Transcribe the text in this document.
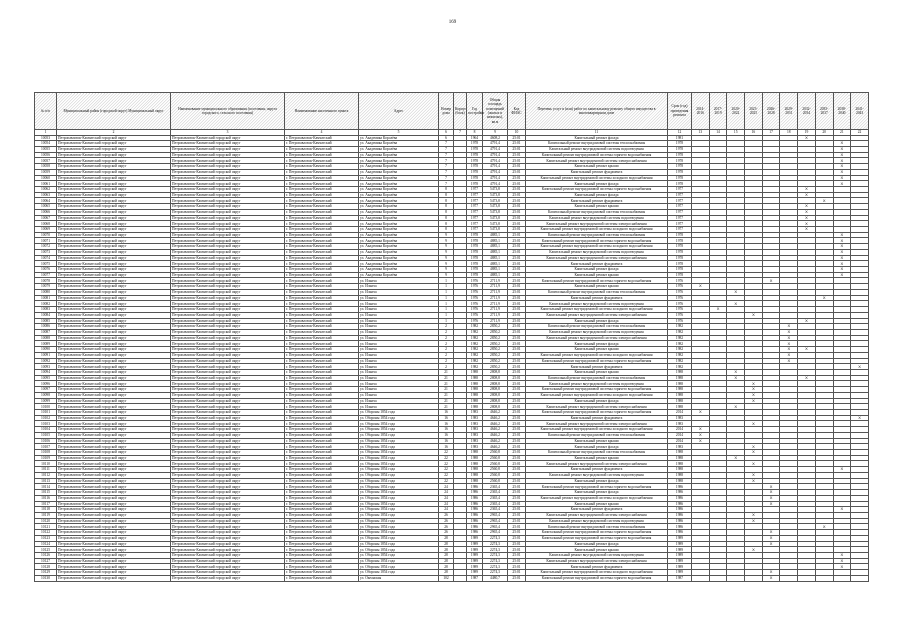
169
№ п/п	Муниципальный район (городской округ) Муниципальный округ	Наименование муниципального образования (поселения, округа городского, сельского поселения)	Наименование населенного пункта	Адрес	Номер дома	Корпус (блок)	Год постройки	Общая площадь помещений (жилых и нежилых), кв.м	Код ФИАС	Перечень услуг и (или) работ по капитальному ремонту общего имущества в многоквартирном доме	Срок (год) проведения ремонта	2014-2016	2017-2019	2020-2022	2023-2025	2026-2028	2029-2031	2032-2034	2035-2037	2038-2040	2041-2043
1	2	3	4	5	6	7	8	9	10	11	12	13	14	15	16	17	18	19	20	21	22
10053	Петропавловск-Камчатский городской округ	Петропавловск-Камчатский городской округ	г. Петропавловск-Камчатский	ул. Академика Королёва	6		1964	4608,2	25:01	Капитальный ремонт фасада	1981							X			
10054	Петропавловск-Камчатский городской округ	Петропавловск-Камчатский городской округ	г. Петропавловск-Камчатский	ул. Академика Королёва	7		1978	4791,4	25:01	Капитальный ремонт внутридомовой системы теплоснабжения	1978									X	
10055	Петропавловск-Камчатский городской округ	Петропавловск-Камчатский городской округ	г. Петропавловск-Камчатский	ул. Академика Королёва	7		1978	4791,4	25:01	Капитальный ремонт внутридомовой системы водоотведения	1978									X	
10056	Петропавловск-Камчатский городской округ	Петропавловск-Камчатский городской округ	г. Петропавловск-Камчатский	ул. Академика Королёва	7		1978	4791,4	25:01	Капитальный ремонт внутридомовой системы горячего водоснабжения	1978									X	
10057	Петропавловск-Камчатский городской округ	Петропавловск-Камчатский городской округ	г. Петропавловск-Камчатский	ул. Академика Королёва	7		1978	4791,4	25:01	Капитальный ремонт внутридомовой системы электроснабжения	1978									X	
10058	Петропавловск-Камчатский городской округ	Петропавловск-Камчатский городской округ	г. Петропавловск-Камчатский	ул. Академика Королёва	7		1978	4791,4	25:01	Капитальный ремонт крыши	1978									X	
10059	Петропавловск-Камчатский городской округ	Петропавловск-Камчатский городской округ	г. Петропавловск-Камчатский	ул. Академика Королёва	7		1978	4791,4	25:01	Капитальный ремонт фундамента	1978									X	
10060	Петропавловск-Камчатский городской округ	Петропавловск-Камчатский городской округ	г. Петропавловск-Камчатский	ул. Академика Королёва	7		1978	4791,4	25:01	Капитальный ремонт внутридомовой системы холодного водоснабжения	1978									X	
10061	Петропавловск-Камчатский городской округ	Петропавловск-Камчатский городской округ	г. Петропавловск-Камчатский	ул. Академика Королёва	7		1978	4791,4	25:01	Капитальный ремонт фасада	1978									X	
10062	Петропавловск-Камчатский городской округ	Петропавловск-Камчатский городской округ	г. Петропавловск-Камчатский	ул. Академика Королёва	8		1977	5473,8	25:01	Капитальный ремонт внутридомовой системы горячего водоснабжения	1977							X			
10063	Петропавловск-Камчатский городской округ	Петропавловск-Камчатский городской округ	г. Петропавловск-Камчатский	ул. Академика Королёва	8		1977	5473,8	25:01	Капитальный ремонт фасада	1977							X			
10064	Петропавловск-Камчатский городской округ	Петропавловск-Камчатский городской округ	г. Петропавловск-Камчатский	ул. Академика Королёва	8		1977	5473,8	25:01	Капитальный ремонт фундамента	1977								X		
10065	Петропавловск-Камчатский городской округ	Петропавловск-Камчатский городской округ	г. Петропавловск-Камчатский	ул. Академика Королёва	8		1977	5473,8	25:01	Капитальный ремонт крыши	1977							X			
10066	Петропавловск-Камчатский городской округ	Петропавловск-Камчатский городской округ	г. Петропавловск-Камчатский	ул. Академика Королёва	8		1977	5473,8	25:01	Капитальный ремонт внутридомовой системы теплоснабжения	1977							X			
10067	Петропавловск-Камчатский городской округ	Петропавловск-Камчатский городской округ	г. Петропавловск-Камчатский	ул. Академика Королёва	8		1977	5473,8	25:01	Капитальный ремонт внутридомовой системы водоотведения	1977							X			
10068	Петропавловск-Камчатский городской округ	Петропавловск-Камчатский городской округ	г. Петропавловск-Камчатский	ул. Академика Королёва	8		1977	5473,8	25:01	Капитальный ремонт внутридомовой системы электроснабжения	1977							X			
10069	Петропавловск-Камчатский городской округ	Петропавловск-Камчатский городской округ	г. Петропавловск-Камчатский	ул. Академика Королёва	8		1977	5473,8	25:01	Капитальный ремонт внутридомовой системы холодного водоснабжения	1977							X			
10070	Петропавловск-Камчатский городской округ	Петропавловск-Камчатский городской округ	г. Петропавловск-Камчатский	ул. Академика Королёва	9		1978	4885,1	25:01	Капитальный ремонт внутридомовой системы теплоснабжения	1978									X	
10071	Петропавловск-Камчатский городской округ	Петропавловск-Камчатский городской округ	г. Петропавловск-Камчатский	ул. Академика Королёва	9		1978	4885,1	25:01	Капитальный ремонт внутридомовой системы горячего водоснабжения	1978									X	
10072	Петропавловск-Камчатский городской округ	Петропавловск-Камчатский городской округ	г. Петропавловск-Камчатский	ул. Академика Королёва	9		1978	4885,1	25:01	Капитальный ремонт внутридомовой системы холодного водоснабжения	1978									X	
10073	Петропавловск-Камчатский городской округ	Петропавловск-Камчатский городской округ	г. Петропавловск-Камчатский	ул. Академика Королёва	9		1978	4885,1	25:01	Капитальный ремонт внутридомовой системы водоотведения	1978									X	
10074	Петропавловск-Камчатский городской округ	Петропавловск-Камчатский городской округ	г. Петропавловск-Камчатский	ул. Академика Королёва	9		1978	4885,1	25:01	Капитальный ремонт внутридомовой системы электроснабжения	1978									X	
10075	Петропавловск-Камчатский городской округ	Петропавловск-Камчатский городской округ	г. Петропавловск-Камчатский	ул. Академика Королёва	9		1978	4885,1	25:01	Капитальный ремонт фундамента	1978									X	
10076	Петропавловск-Камчатский городской округ	Петропавловск-Камчатский городской округ	г. Петропавловск-Камчатский	ул. Академика Королёва	9		1978	4885,1	25:01	Капитальный ремонт фасада	1978									X	
10077	Петропавловск-Камчатский городской округ	Петропавловск-Камчатский городской округ	г. Петропавловск-Камчатский	ул. Академика Королёва	9		1978	4885,1	25:01	Капитальный ремонт крыши	1978									X	
10078	Петропавловск-Камчатский городской округ	Петропавловск-Камчатский городской округ	г. Петропавловск-Камчатский	ул. Ильича	1		1976	2711,9	25:01	Капитальный ремонт внутридомовой системы горячего водоснабжения	1976					X					
10079	Петропавловск-Камчатский городской округ	Петропавловск-Камчатский городской округ	г. Петропавловск-Камчатский	ул. Ильича	1		1976	2711,9	25:01	Капитальный ремонт крыши	1976	X									
10080	Петропавловск-Камчатский городской округ	Петропавловск-Камчатский городской округ	г. Петропавловск-Камчатский	ул. Ильича	1		1976	2711,9	25:01	Капитальный ремонт внутридомовой системы теплоснабжения	1976			X							
10081	Петропавловск-Камчатский городской округ	Петропавловск-Камчатский городской округ	г. Петропавловск-Камчатский	ул. Ильича	1		1976	2711,9	25:01	Капитальный ремонт фундамента	1976								X		
10082	Петропавловск-Камчатский городской округ	Петропавловск-Камчатский городской округ	г. Петропавловск-Камчатский	ул. Ильича	1		1976	2711,9	25:01	Капитальный ремонт внутридомовой системы водоотведения	1976			X							
10083	Петропавловск-Камчатский городской округ	Петропавловск-Камчатский городской округ	г. Петропавловск-Камчатский	ул. Ильича	1		1976	2711,9	25:01	Капитальный ремонт внутридомовой системы холодного водоснабжения	1976		X								
10084	Петропавловск-Камчатский городской округ	Петропавловск-Камчатский городской округ	г. Петропавловск-Камчатский	ул. Ильича	1		1976	2711,9	25:01	Капитальный ремонт внутридомовой системы электроснабжения	1976				X						
10085	Петропавловск-Камчатский городской округ	Петропавловск-Камчатский городской округ	г. Петропавловск-Камчатский	ул. Ильича	1		1976	2711,9	25:01	Капитальный ремонт фасада	1976							X			
10086	Петропавловск-Камчатский городской округ	Петропавловск-Камчатский городской округ	г. Петропавловск-Камчатский	ул. Ильича	2		1982	2850,2	25:01	Капитальный ремонт внутридомовой системы теплоснабжения	1982						X				
10087	Петропавловск-Камчатский городской округ	Петропавловск-Камчатский городской округ	г. Петропавловск-Камчатский	ул. Ильича	2		1982	2850,2	25:01	Капитальный ремонт внутридомовой системы водоотведения	1982						X				
10088	Петропавловск-Камчатский городской округ	Петропавловск-Камчатский городской округ	г. Петропавловск-Камчатский	ул. Ильича	2		1982	2850,2	25:01	Капитальный ремонт внутридомовой системы электроснабжения	1982						X				
10089	Петропавловск-Камчатский городской округ	Петропавловск-Камчатский городской округ	г. Петропавловск-Камчатский	ул. Ильича	2		1982	2850,2	25:01	Капитальный ремонт фасада	1982						X				
10090	Петропавловск-Камчатский городской округ	Петропавловск-Камчатский городской округ	г. Петропавловск-Камчатский	ул. Ильича	2		1982	2850,2	25:01	Капитальный ремонт крыши	1982						X	X			
10091	Петропавловск-Камчатский городской округ	Петропавловск-Камчатский городской округ	г. Петропавловск-Камчатский	ул. Ильича	2		1982	2850,2	25:01	Капитальный ремонт внутридомовой системы холодного водоснабжения	1982						X				
10092	Петропавловск-Камчатский городской округ	Петропавловск-Камчатский городской округ	г. Петропавловск-Камчатский	ул. Ильича	2		1982	2850,2	25:01	Капитальный ремонт внутридомовой системы горячего водоснабжения	1982						X				
10093	Петропавловск-Камчатский городской округ	Петропавловск-Камчатский городской округ	г. Петропавловск-Камчатский	ул. Ильича	2		1982	2850,2	25:01	Капитальный ремонт фундамента	1982										X
10094	Петропавловск-Камчатский городской округ	Петропавловск-Камчатский городской округ	г. Петропавловск-Камчатский	ул. Ильича	21		1988	2808,8	25:01	Капитальный ремонт крыши	1988			X							
10095	Петропавловск-Камчатский городской округ	Петропавловск-Камчатский городской округ	г. Петропавловск-Камчатский	ул. Ильича	21		1988	2808,8	25:01	Капитальный ремонт внутридомовой системы теплоснабжения	1988			X				X			
10096	Петропавловск-Камчатский городской округ	Петропавловск-Камчатский городской округ	г. Петропавловск-Камчатский	ул. Ильича	21		1988	2808,8	25:01	Капитальный ремонт внутридомовой системы водоотведения	1988				X						
10097	Петропавловск-Камчатский городской округ	Петропавловск-Камчатский городской округ	г. Петропавловск-Камчатский	ул. Ильича	21		1988	2808,8	25:01	Капитальный ремонт внутридомовой системы горячего водоснабжения	1988				X						
10098	Петропавловск-Камчатский городской округ	Петропавловск-Камчатский городской округ	г. Петропавловск-Камчатский	ул. Ильича	21		1988	2808,8	25:01	Капитальный ремонт внутридомовой системы холодного водоснабжения	1988				X						
10099	Петропавловск-Камчатский городской округ	Петропавловск-Камчатский городской округ	г. Петропавловск-Камчатский	ул. Ильича	21		1988	2808,8	25:01	Капитальный ремонт фасада	1988				X						
10100	Петропавловск-Камчатский городской округ	Петропавловск-Камчатский городской округ	г. Петропавловск-Камчатский	ул. Ильича	21		1988	2808,8	25:01	Капитальный ремонт внутридомовой системы электроснабжения	1988			X							
10101	Петропавловск-Камчатский городской округ	Петропавловск-Камчатский городской округ	г. Петропавловск-Камчатский	ул. Обороны 1854 года	16		1983	4646,2	25:01	Капитальный ремонт внутридомовой системы горячего водоснабжения	2014	X									
10102	Петропавловск-Камчатский городской округ	Петропавловск-Камчатский городской округ	г. Петропавловск-Камчатский	ул. Обороны 1854 года	16		1983	4646,2	25:01	Капитальный ремонт фундамента	1983										X
10103	Петропавловск-Камчатский городской округ	Петропавловск-Камчатский городской округ	г. Петропавловск-Камчатский	ул. Обороны 1854 года	16		1983	4646,2	25:01	Капитальный ремонт внутридомовой системы электроснабжения	1983				X						
10104	Петропавловск-Камчатский городской округ	Петропавловск-Камчатский городской округ	г. Петропавловск-Камчатский	ул. Обороны 1854 года	16		1983	4646,2	25:01	Капитальный ремонт внутридомовой системы холодного водоснабжения	2014	X									
10105	Петропавловск-Камчатский городской округ	Петропавловск-Камчатский городской округ	г. Петропавловск-Камчатский	ул. Обороны 1854 года	16		1983	4646,2	25:01	Капитальный ремонт внутридомовой системы теплоснабжения	2014	X									
10106	Петропавловск-Камчатский городской округ	Петропавловск-Камчатский городской округ	г. Петропавловск-Камчатский	ул. Обороны 1854 года	16		1983	4646,2	25:01	Капитальный ремонт крыши	2014	X									
10107	Петропавловск-Камчатский городской округ	Петропавловск-Камчатский городской округ	г. Петропавловск-Камчатский	ул. Обороны 1854 года	16		1983	4646,2	25:01	Капитальный ремонт фасада	1983				X						
10108	Петропавловск-Камчатский городской округ	Петропавловск-Камчатский городской округ	г. Петропавловск-Камчатский	ул. Обороны 1854 года	22		1988	2560,8	25:01	Капитальный ремонт внутридомовой системы теплоснабжения	1988				X						
10109	Петропавловск-Камчатский городской округ	Петропавловск-Камчатский городской округ	г. Петропавловск-Камчатский	ул. Обороны 1854 года	22		1988	2560,8	25:01	Капитальный ремонт крыши	1988			X							
10110	Петропавловск-Камчатский городской округ	Петропавловск-Камчатский городской округ	г. Петропавловск-Камчатский	ул. Обороны 1854 года	22		1988	2560,8	25:01	Капитальный ремонт внутридомовой системы электроснабжения	1988				X						
10111	Петропавловск-Камчатский городской округ	Петропавловск-Камчатский городской округ	г. Петропавловск-Камчатский	ул. Обороны 1854 года	22		1988	2560,8	25:01	Капитальный ремонт фундамента	1988									X	
10112	Петропавловск-Камчатский городской округ	Петропавловск-Камчатский городской округ	г. Петропавловск-Камчатский	ул. Обороны 1854 года	22		1988	2560,8	25:01	Капитальный ремонт внутридомовой системы водоотведения	1988				X						
10113	Петропавловск-Камчатский городской округ	Петропавловск-Камчатский городской округ	г. Петропавловск-Камчатский	ул. Обороны 1854 года	22		1988	2560,8	25:01	Капитальный ремонт фасада	1988				X						
10114	Петропавловск-Камчатский городской округ	Петропавловск-Камчатский городской округ	г. Петропавловск-Камчатский	ул. Обороны 1854 года	24		1986	2365,4	25:01	Капитальный ремонт внутридомовой системы горячего водоснабжения	1986					X					
10115	Петропавловск-Камчатский городской округ	Петропавловск-Камчатский городской округ	г. Петропавловск-Камчатский	ул. Обороны 1854 года	24		1986	2365,4	25:01	Капитальный ремонт фасада	1986					X					
10116	Петропавловск-Камчатский городской округ	Петропавловск-Камчатский городской округ	г. Петропавловск-Камчатский	ул. Обороны 1854 года	24		1986	2365,4	25:01	Капитальный ремонт внутридомовой системы холодного водоснабжения	1986					X					
10117	Петропавловск-Камчатский городской округ	Петропавловск-Камчатский городской округ	г. Петропавловск-Камчатский	ул. Обороны 1854 года	24		1986	2365,4	25:01	Капитальный ремонт крыши	1986					X					
10118	Петропавловск-Камчатский городской округ	Петропавловск-Камчатский городской округ	г. Петропавловск-Камчатский	ул. Обороны 1854 года	24		1986	2365,4	25:01	Капитальный ремонт фундамента	1986									X	
10119	Петропавловск-Камчатский городской округ	Петропавловск-Камчатский городской округ	г. Петропавловск-Камчатский	ул. Обороны 1854 года	26		1986	2965,4	25:01	Капитальный ремонт внутридомовой системы электроснабжения	1986				X						
10120	Петропавловск-Камчатский городской округ	Петропавловск-Камчатский городской округ	г. Петропавловск-Камчатский	ул. Обороны 1854 года	26		1986	2965,4	25:01	Капитальный ремонт внутридомовой системы водоотведения	1986				X						
10121	Петропавловск-Камчатский городской округ	Петропавловск-Камчатский городской округ	г. Петропавловск-Камчатский	ул. Обороны 1854 года	26		1986	2965,4	25:01	Капитальный ремонт внутридомовой системы теплоснабжения	1986								X		
10122	Петропавловск-Камчатский городской округ	Петропавловск-Камчатский городской округ	г. Петропавловск-Камчатский	ул. Обороны 1854 года	26		1986	2965,4	25:01	Капитальный ремонт внутридомовой системы горячего водоснабжения	1986					X					
10123	Петропавловск-Камчатский городской округ	Петропавловск-Камчатский городской округ	г. Петропавловск-Камчатский	ул. Обороны 1854 года	28		1989	2274,3	25:01	Капитальный ремонт внутридомовой системы горячего водоснабжения	1989					X					
10124	Петропавловск-Камчатский городской округ	Петропавловск-Камчатский городской округ	г. Петропавловск-Камчатский	ул. Обороны 1854 года	28		1989	2274,3	25:01	Капитальный ремонт фасада	1989					X					
10125	Петропавловск-Камчатский городской округ	Петропавловск-Камчатский городской округ	г. Петропавловск-Камчатский	ул. Обороны 1854 года	28		1989	2274,3	25:01	Капитальный ремонт крыши	1989				X						
10126	Петропавловск-Камчатский городской округ	Петропавловск-Камчатский городской округ	г. Петропавловск-Камчатский	ул. Обороны 1854 года	28		1989	2274,3	25:01	Капитальный ремонт внутридомовой системы водоотведения	1989									X	
10127	Петропавловск-Камчатский городской округ	Петропавловск-Камчатский городской округ	г. Петропавловск-Камчатский	ул. Обороны 1854 года	28		1989	2274,3	25:01	Капитальный ремонт внутридомовой системы электроснабжения	1989									X	
10128	Петропавловск-Камчатский городской округ	Петропавловск-Камчатский городской округ	г. Петропавловск-Камчатский	ул. Обороны 1854 года	28		1989	2274,3	25:01	Капитальный ремонт фундамента	1989									X	
10129	Петропавловск-Камчатский городской округ	Петропавловск-Камчатский городской округ	г. Петропавловск-Камчатский	ул. Обороны 1854 года	28		1989	2274,3	25:01	Капитальный ремонт внутридомовой системы холодного водоснабжения	1989					X					
10130	Петропавловск-Камчатский городской округ	Петропавловск-Камчатский городской округ	г. Петропавловск-Камчатский	ул. Океанская	102		1987	4480,7	25:01	Капитальный ремонт внутридомовой системы горячего водоснабжения	1987					X					
